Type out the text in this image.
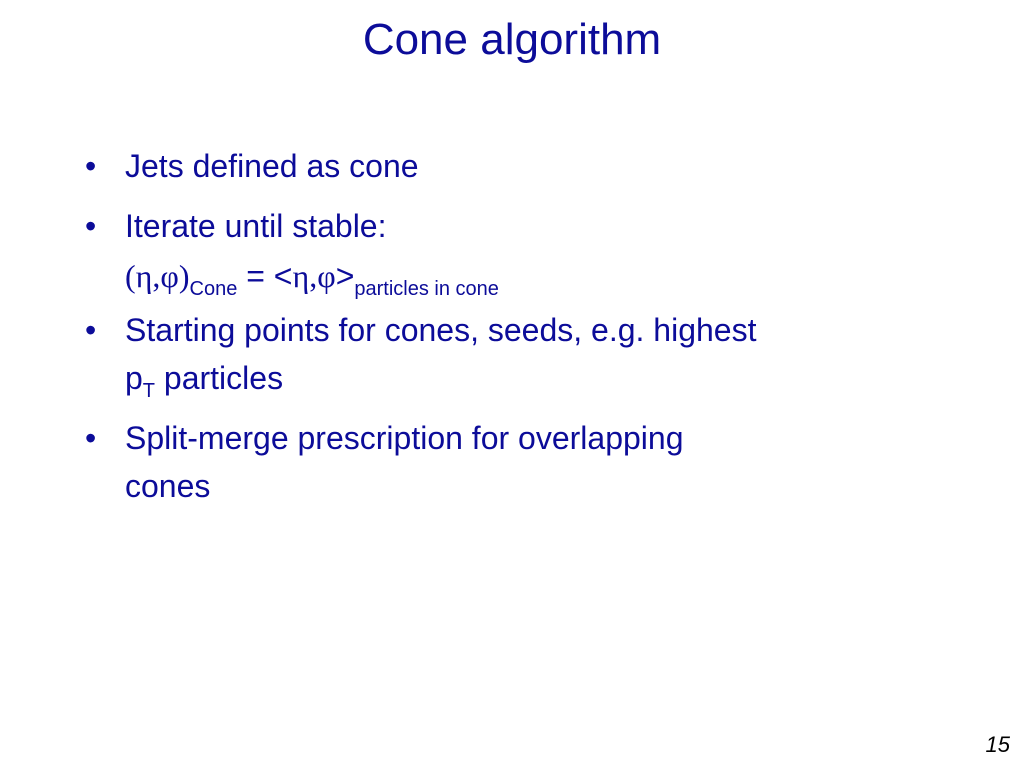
Cone algorithm
• Jets defined as cone
• Iterate until stable:
$(\eta,\varphi)_{Cone} = <\eta,\varphi>_{particles in cone}$
• Starting points for cones, seeds, e.g. highest
$p_T$ particles
• Split-merge prescription for overlapping
cones
15
